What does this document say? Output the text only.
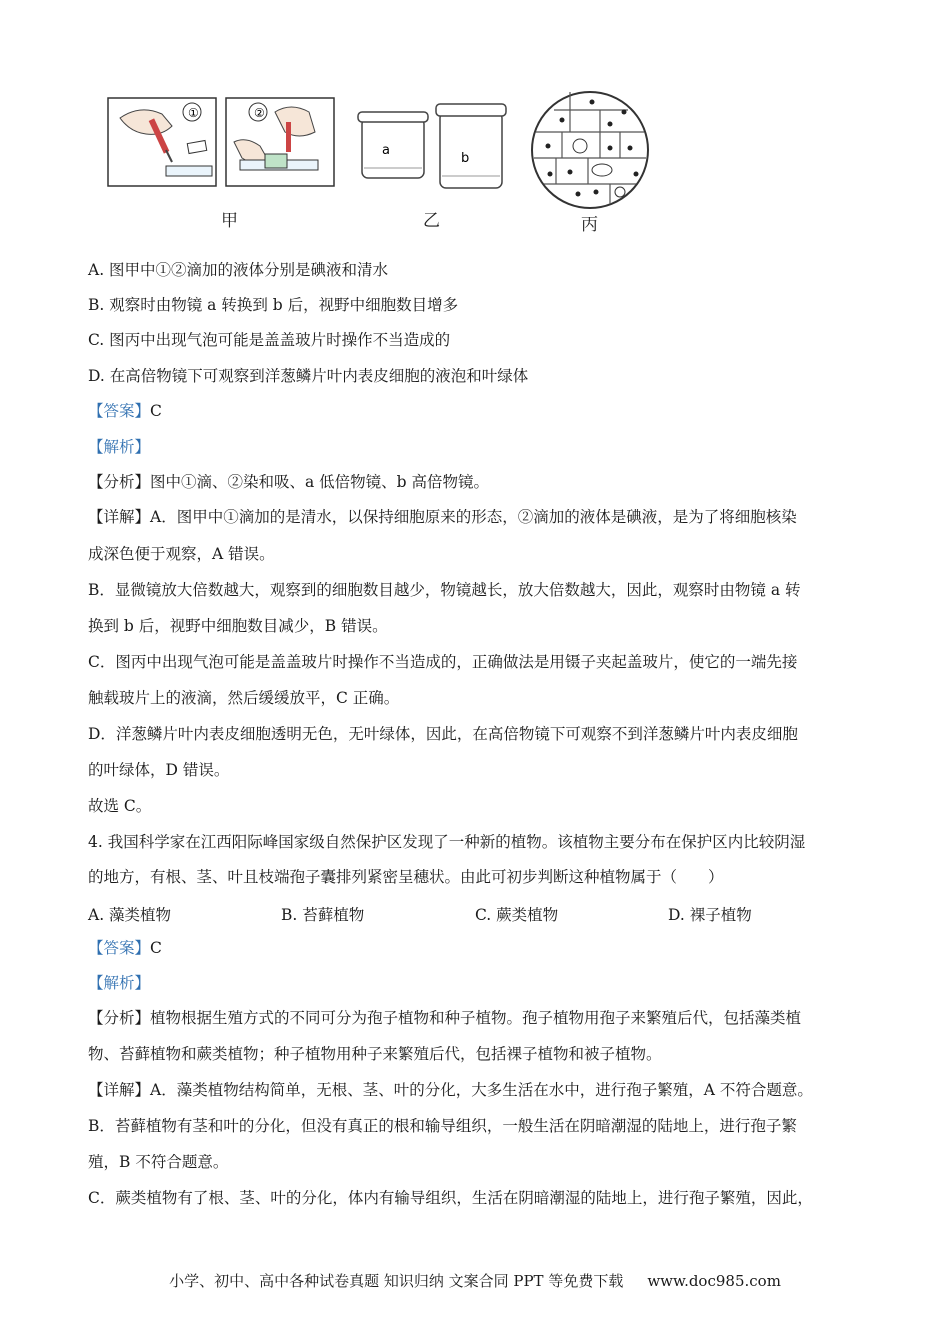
①	②
a
b
甲	乙	丙
A. 图甲中①②滴加的液体分别是碘液和清水
B. 观察时由物镜 a 转换到 b 后，视野中细胞数目增多
C. 图丙中出现气泡可能是盖盖玻片时操作不当造成的
D. 在高倍物镜下可观察到洋葱鳞片叶内表皮细胞的液泡和叶绿体
【答案】C
【解析】
【分析】图中①滴、②染和吸、a 低倍物镜、b 高倍物镜。
【详解】A．图甲中①滴加的是清水，以保持细胞原来的形态，②滴加的液体是碘液，是为了将细胞核染
成深色便于观察，A 错误。
B．显微镜放大倍数越大，观察到的细胞数目越少，物镜越长，放大倍数越大，因此，观察时由物镜 a 转
换到 b 后，视野中细胞数目减少，B 错误。
C．图丙中出现气泡可能是盖盖玻片时操作不当造成的，正确做法是用镊子夹起盖玻片，使它的一端先接
触载玻片上的液滴，然后缓缓放平，C 正确。
D．洋葱鳞片叶内表皮细胞透明无色，无叶绿体，因此，在高倍物镜下可观察不到洋葱鳞片叶内表皮细胞
的叶绿体，D 错误。
故选 C。
4. 我国科学家在江西阳际峰国家级自然保护区发现了一种新的植物。该植物主要分布在保护区内比较阴湿
的地方，有根、茎、叶且枝端孢子囊排列紧密呈穗状。由此可初步判断这种植物属于（　　）
A. 藻类植物	B. 苔藓植物	C. 蕨类植物	D. 裸子植物
【答案】C
【解析】
【分析】植物根据生殖方式的不同可分为孢子植物和种子植物。孢子植物用孢子来繁殖后代，包括藻类植
物、苔藓植物和蕨类植物；种子植物用种子来繁殖后代，包括裸子植物和被子植物。
【详解】A．藻类植物结构简单，无根、茎、叶的分化，大多生活在水中，进行孢子繁殖，A 不符合题意。
B．苔藓植物有茎和叶的分化，但没有真正的根和输导组织，一般生活在阴暗潮湿的陆地上，进行孢子繁
殖，B 不符合题意。
C．蕨类植物有了根、茎、叶的分化，体内有输导组织，生活在阴暗潮湿的陆地上，进行孢子繁殖，因此，
小学、初中、高中各种试卷真题 知识归纳 文案合同 PPT 等免费下载 www.doc985.com
